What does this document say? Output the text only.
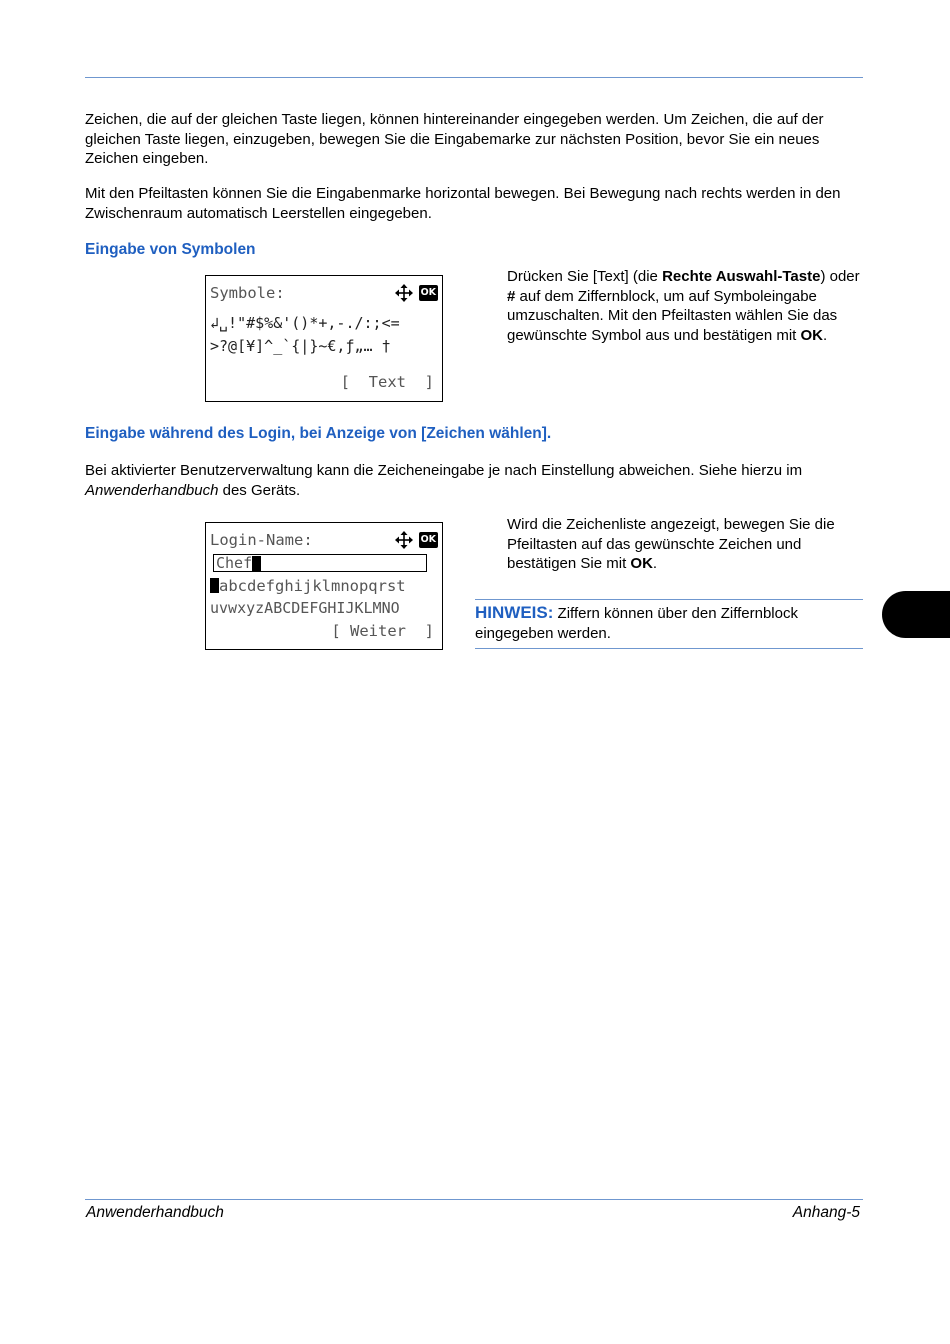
Zeichen, die auf der gleichen Taste liegen, können hintereinander eingegeben werden. Um Zeichen, die auf der gleichen Taste liegen, einzugeben, bewegen Sie die Eingabemarke zur nächsten Position, bevor Sie ein neues Zeichen eingeben.

Mit den Pfeiltasten können Sie die Eingabenmarke horizontal bewegen. Bei Bewegung nach rechts werden in den Zwischenraum automatisch Leerstellen eingegeben.

Eingabe von Symbolen
Symbole:	OK
↲␣!"#$%&'()*+,-./:;<=
>?@[¥]^_`{|}~€,ƒ„… †
[  Text  ]

Drücken Sie [Text] (die Rechte Auswahl-Taste) oder # auf dem Ziffernblock, um auf Symboleingabe umzuschalten. Mit den Pfeiltasten wählen Sie das gewünschte Symbol aus und bestätigen mit OK.

Eingabe während des Login, bei Anzeige von [Zeichen wählen].

Bei aktivierter Benutzerverwaltung kann die Zeicheneingabe je nach Einstellung abweichen. Siehe hierzu im Anwenderhandbuch des Geräts.

Login-Name:	OK
Chef
abcdefghijklmnopqrst
uvwxyzABCDEFGHIJKLMNO
[ Weiter  ]

Wird die Zeichenliste angezeigt, bewegen Sie die Pfeiltasten auf das gewünschte Zeichen und bestätigen Sie mit OK.

HINWEIS: Ziffern können über den Ziffernblock eingegeben werden.

Anwenderhandbuch	Anhang-5
